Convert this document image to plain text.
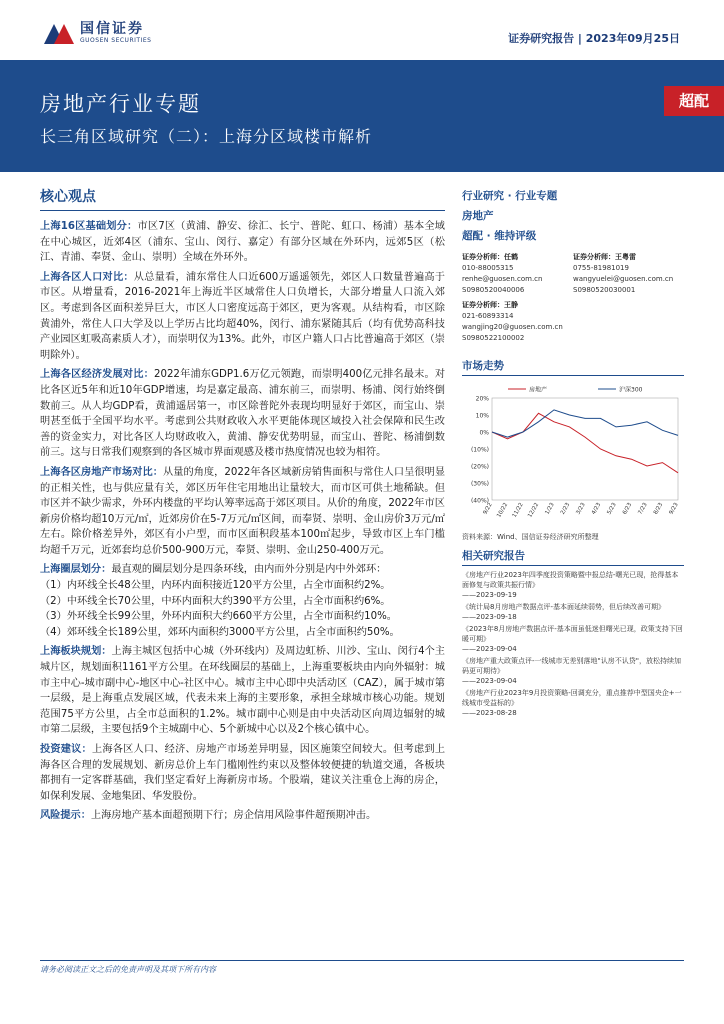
国信证券
GUOSEN SECURITIES	证券研究报告 | 2023年09月25日
房地产行业专题
长三角区域研究（二）：上海分区域楼市解析
超配
核心观点

上海16区基础划分：市区7区（黄浦、静安、徐汇、长宁、普陀、虹口、杨浦）基本全域在中心城区，近郊4区（浦东、宝山、闵行、嘉定）有部分区域在外环内，远郊5区（松江、青浦、奉贤、金山、崇明）全域在外环外。

上海各区人口对比：从总量看，浦东常住人口近600万遥遥领先，郊区人口数量普遍高于市区。从增量看，2016-2021年上海近半区域常住人口负增长，大部分增量人口流入郊区。考虑到各区面积差异巨大，市区人口密度远高于郊区，更为客观。从结构看，市区除黄浦外，常住人口大学及以上学历占比均超40%，闵行、浦东紧随其后（均有优势高科技产业园区虹吸高素质人才），而崇明仅为13%。此外，市区户籍人口占比普遍高于郊区（崇明除外）。

上海各区经济发展对比：2022年浦东GDP1.6万亿元领跑，而崇明400亿元排名最末。对比各区近5年和近10年GDP增速，均是嘉定最高、浦东前三，而崇明、杨浦、闵行始终倒数前三。从人均GDP看，黄浦遥居第一，市区除普陀外表现均明显好于郊区，而宝山、崇明甚至低于全国平均水平。考虑到公共财政收入水平更能体现区域投入社会保障和民生改善的资金实力，对比各区人均财政收入，黄浦、静安优势明显，而宝山、普陀、杨浦倒数前三。这与日常我们观察到的各区城市界面观感及楼市热度情况也较为相符。

上海各区房地产市场对比：从量的角度，2022年各区域新房销售面积与常住人口呈很明显的正相关性，也与供应量有关，郊区历年住宅用地出让量较大，而市区可供土地稀缺。但市区并不缺少需求，外环内楼盘的平均认筹率远高于郊区项目。从价的角度，2022年市区新房价格均超10万元/㎡，近郊房价在5-7万元/㎡区间，而奉贤、崇明、金山房价3万元/㎡左右。除价格差异外，郊区有小户型，而市区面积段基本100㎡起步，导致市区上车门槛均超千万元，近郊套均总价500-900万元，奉贤、崇明、金山250-400万元。

上海圈层划分：最直观的圈层划分是四条环线，由内而外分别是内中外郊环：

（1）内环线全长48公里，内环内面积接近120平方公里，占全市面积约2%。
（2）中环线全长70公里，中环内面积大约390平方公里，占全市面积约6%。
（3）外环线全长99公里，外环内面积大约660平方公里，占全市面积约10%。
（4）郊环线全长189公里，郊环内面积约3000平方公里，占全市面积约50%。

上海板块规划：上海主城区包括中心城（外环线内）及周边虹桥、川沙、宝山、闵行4个主城片区，规划面积1161平方公里。在环线圈层的基础上，上海重要板块由内向外辐射：城市主中心-城市副中心-地区中心-社区中心。城市主中心即中央活动区（CAZ），属于城市第一层级，是上海重点发展区域，代表未来上海的主要形象，承担全球城市核心功能。规划范围75平方公里，占全市总面积的1.2%。城市副中心则是由中央活动区向周边辐射的城市第二层级，主要包括9个主城副中心、5个新城中心以及2个核心镇中心。

投资建议：上海各区人口、经济、房地产市场差异明显，因区施策空间较大。但考虑到上海各区合理的发展规划、新房总价上车门槛刚性约束以及整体较便捷的轨道交通，各板块都拥有一定客群基础，我们坚定看好上海新房市场。个股端，建议关注重仓上海的房企，如保利发展、金地集团、华发股份。

风险提示：上海房地产基本面超预期下行；房企信用风险事件超预期冲击。

行业研究 · 行业专题
房地产
超配 · 维持评级
证券分析师：任鹤
010-88005315
renhe@guosen.com.cn
S0980520040006
证券分析师：王粤雷
0755-81981019
wangyuelei@guosen.com.cn
S0980520030001
证券分析师：王静
021-60893314
wangjing20@guosen.com.cn
S0980522100002
市场走势
20%
10%
0%
(10%)
(20%)
(30%)
(40%)
9/22 10/22 11/22 12/22 1/23 2/23 3/23 4/23 5/23 6/23 7/23 8/23 9/23
房地产	沪深300
资料来源：Wind、国信证券经济研究所整理
相关研究报告
《房地产行业2023年四季度投资策略暨中报总结-曙光已现，抢得基本面修复与政策共振行情》
——2023-09-19
《统计局8月房地产数据点评-基本面延续弱势，但后续改善可期》
——2023-09-18
《2023年8月房地产数据点评-基本面虽低迷但曙光已现，政策支持下回暖可期》
——2023-09-04
《房地产重大政策点评-一线城市无差别落地"认房不认贷"，放松持续加码更可期待》
——2023-09-04
《房地产行业2023年9月投资策略-回调充分，重点推荐中型国央企+一线城市受益标的》
——2023-08-28
请务必阅读正文之后的免责声明及其项下所有内容
